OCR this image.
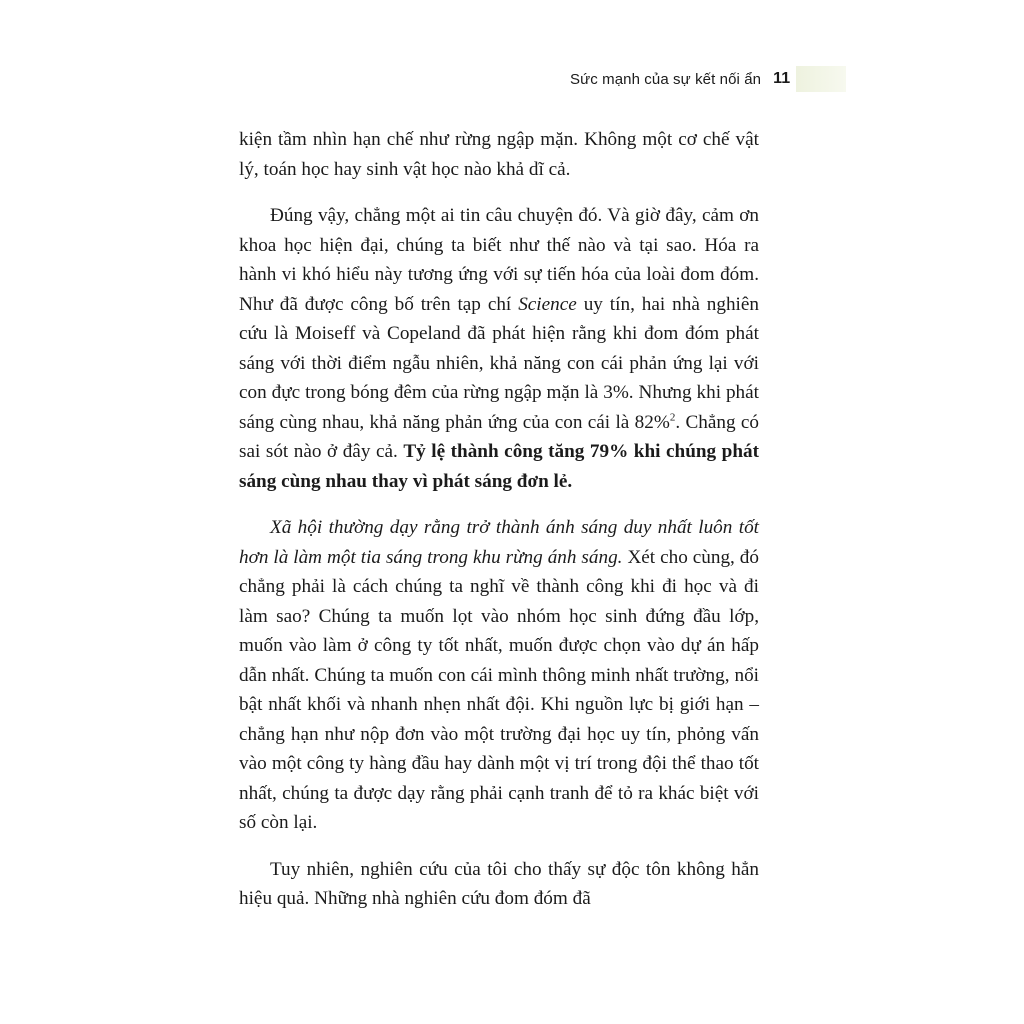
Sức mạnh của sự kết nối ẩn 11

kiện tầm nhìn hạn chế như rừng ngập mặn. Không một cơ chế vật lý, toán học hay sinh vật học nào khả dĩ cả.

Đúng vậy, chẳng một ai tin câu chuyện đó. Và giờ đây, cảm ơn khoa học hiện đại, chúng ta biết như thế nào và tại sao. Hóa ra hành vi khó hiểu này tương ứng với sự tiến hóa của loài đom đóm. Như đã được công bố trên tạp chí Science uy tín, hai nhà nghiên cứu là Moiseff và Copeland đã phát hiện rằng khi đom đóm phát sáng với thời điểm ngẫu nhiên, khả năng con cái phản ứng lại với con đực trong bóng đêm của rừng ngập mặn là 3%. Nhưng khi phát sáng cùng nhau, khả năng phản ứng của con cái là 82%$^2$. Chẳng có sai sót nào ở đây cả. Tỷ lệ thành công tăng 79% khi chúng phát sáng cùng nhau thay vì phát sáng đơn lẻ.

Xã hội thường dạy rằng trở thành ánh sáng duy nhất luôn tốt hơn là làm một tia sáng trong khu rừng ánh sáng. Xét cho cùng, đó chẳng phải là cách chúng ta nghĩ về thành công khi đi học và đi làm sao? Chúng ta muốn lọt vào nhóm học sinh đứng đầu lớp, muốn vào làm ở công ty tốt nhất, muốn được chọn vào dự án hấp dẫn nhất. Chúng ta muốn con cái mình thông minh nhất trường, nổi bật nhất khối và nhanh nhẹn nhất đội. Khi nguồn lực bị giới hạn – chẳng hạn như nộp đơn vào một trường đại học uy tín, phỏng vấn vào một công ty hàng đầu hay dành một vị trí trong đội thể thao tốt nhất, chúng ta được dạy rằng phải cạnh tranh để tỏ ra khác biệt với số còn lại.

Tuy nhiên, nghiên cứu của tôi cho thấy sự độc tôn không hẳn hiệu quả. Những nhà nghiên cứu đom đóm đã
